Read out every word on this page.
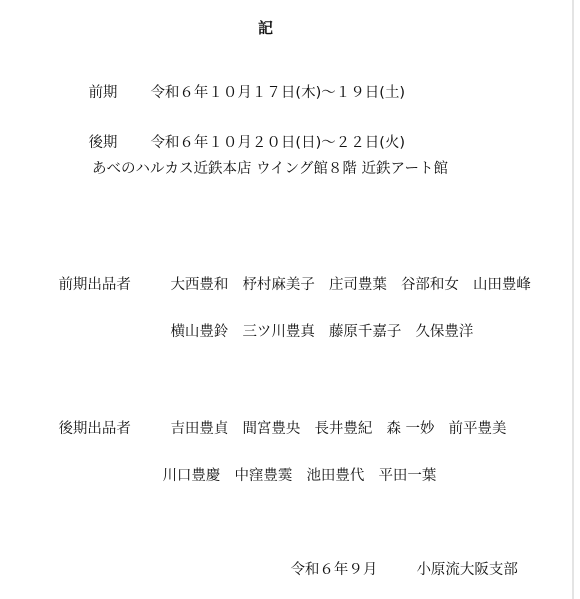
記

前期 令和６年１０月１７日(木)～１９日(土)

後期 令和６年１０月２０日(日)～２２日(火)

あべのハルカス近鉄本店 ウイング館８階 近鉄アート館

前期出品者	大西豊和 杼村麻美子 庄司豊葉 谷部和女 山田豊峰

横山豊鈴 三ツ川豊真 藤原千嘉子 久保豊洋

後期出品者	吉田豊貞 間宮豊央 長井豊紀 森 一妙 前平豊美

川口豊慶 中窪豊霙 池田豊代 平田一葉

令和６年９月	小原流大阪支部
